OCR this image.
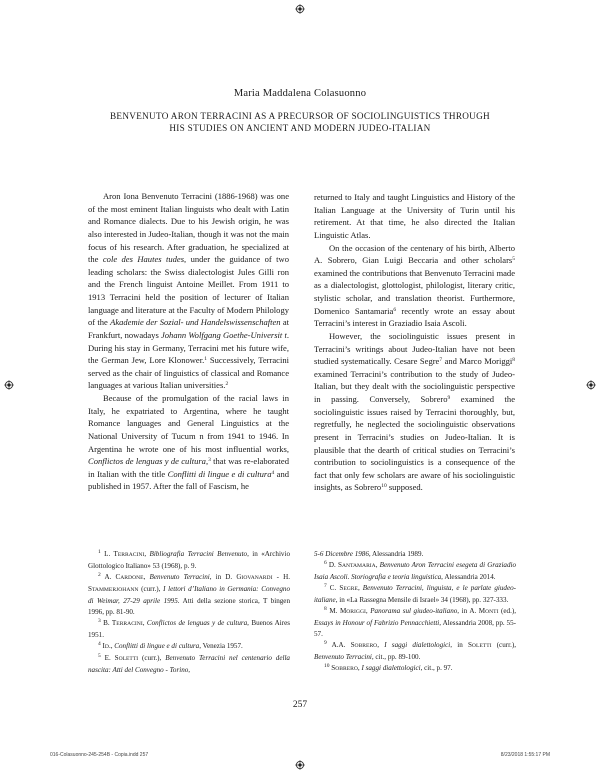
Maria Maddalena Colasuonno
BENVENUTO ARON TERRACINI AS A PRECURSOR OF SOCIOLINGUISTICS THROUGH
HIS STUDIES ON ANCIENT AND MODERN JUDEO-ITALIAN

Aron Iona Benvenuto Terracini (1886-1968) was one of the most eminent Italian linguists who dealt with Latin and Romance dialects. Due to his Jewish origin, he was also interested in Judeo-Italian, though it was not the main focus of his research. After graduation, he specialized at the cole des Hautes tudes, under the guidance of two leading scholars: the Swiss dialectologist Jules Gilli ron and the French linguist Antoine Meillet. From 1911 to 1913 Terracini held the position of lecturer of Italian language and literature at the Faculty of Modern Philology of the Akademie der Sozial- und Handelswissenschaften at Frankfurt, nowadays Johann Wolfgang Goethe-Universit t. During his stay in Germany, Terracini met his future wife, the German Jew, Lore Klonower.$^1$ Successively, Terracini served as the chair of linguistics of classical and Romance languages at various Italian universities.$^2$

Because of the promulgation of the racial laws in Italy, he expatriated to Argentina, where he taught Romance languages and General Linguistics at the National University of Tucum n from 1941 to 1946. In Argentina he wrote one of his most influential works, Conflictos de lenguas y de cultura,$^3$ that was re-elaborated in Italian with the title Conflitti di lingue e di cultura$^4$ and published in 1957. After the fall of Fascism, he

returned to Italy and taught Linguistics and History of the Italian Language at the University of Turin until his retirement. At that time, he also directed the Italian Linguistic Atlas.

On the occasion of the centenary of his birth, Alberto A. Sobrero, Gian Luigi Beccaria and other scholars$^5$ examined the contributions that Benvenuto Terracini made as a dialectologist, glottologist, philologist, literary critic, stylistic scholar, and translation theorist. Furthermore, Domenico Santamaria$^6$ recently wrote an essay about Terracini’s interest in Graziadio Isaia Ascoli.

However, the sociolinguistic issues present in Terracini’s writings about Judeo-Italian have not been studied systematically. Cesare Segre$^7$ and Marco Moriggi$^8$ examined Terracini’s contribution to the study of Judeo-Italian, but they dealt with the sociolinguistic perspective in passing. Conversely, Sobrero$^9$ examined the sociolinguistic issues raised by Terracini thoroughly, but, regretfully, he neglected the sociolinguistic observations present in Terracini’s studies on Judeo-Italian. It is plausible that the dearth of critical studies on Terracini’s contribution to sociolinguistics is a consequence of the fact that only few scholars are aware of his sociolinguistic insights, as Sobrero$^{10}$ supposed.

$^1$ L. TERRACINI, Bibliografia Terracini Benvenuto, in «Archivio Glottologico Italiano» 53 (1968), p. 9.

$^2$ A. CARDONE, Benvenuto Terracini, in D. GIOVANARDI - H. STAMMERJOHANN (curr.), I lettori d’Italiano in Germania: Convegno di Weimar, 27-29 aprile 1995. Atti della sezione storica, T bingen 1996, pp. 81-90.

$^3$ B. TERRACINI, Conflictos de lenguas y de cultura, Buenos Aires 1951.

$^4$ ID., Conflitti di lingue e di cultura, Venezia 1957.

$^5$ E. SOLETTI (curr.), Benvenuto Terracini nel centenario della nascita: Atti del Convegno - Torino,

5-6 Dicembre 1986, Alessandria 1989.

$^6$ D. SANTAMARIA, Benvenuto Aron Terracini esegeta di Graziadio Isaia Ascoli. Storiografia e teoria linguistica, Alessandria 2014.

$^7$ C. SEGRE, Benvenuto Terracini, linguista, e le parlate giudeo-italiane, in «La Rassegna Mensile di Israel» 34 (1968), pp. 327-333.

$^8$ M. MORIGGI, Panorama sul giudeo-italiano, in A. MONTI (ed.), Essays in Honour of Fabrizio Pennacchietti, Alessandria 2008, pp. 55-57.

$^9$ A.A. SOBRERO, I saggi dialettologici, in SOLETTI (curr.), Benvenuto Terracini, cit., pp. 89-100.

$^{10}$ SOBRERO, I saggi dialettologici, cit., p. 97.

257
016-Colasuonno-245-254B - Copia.indd 257	8/23/2018 1:55:17 PM
